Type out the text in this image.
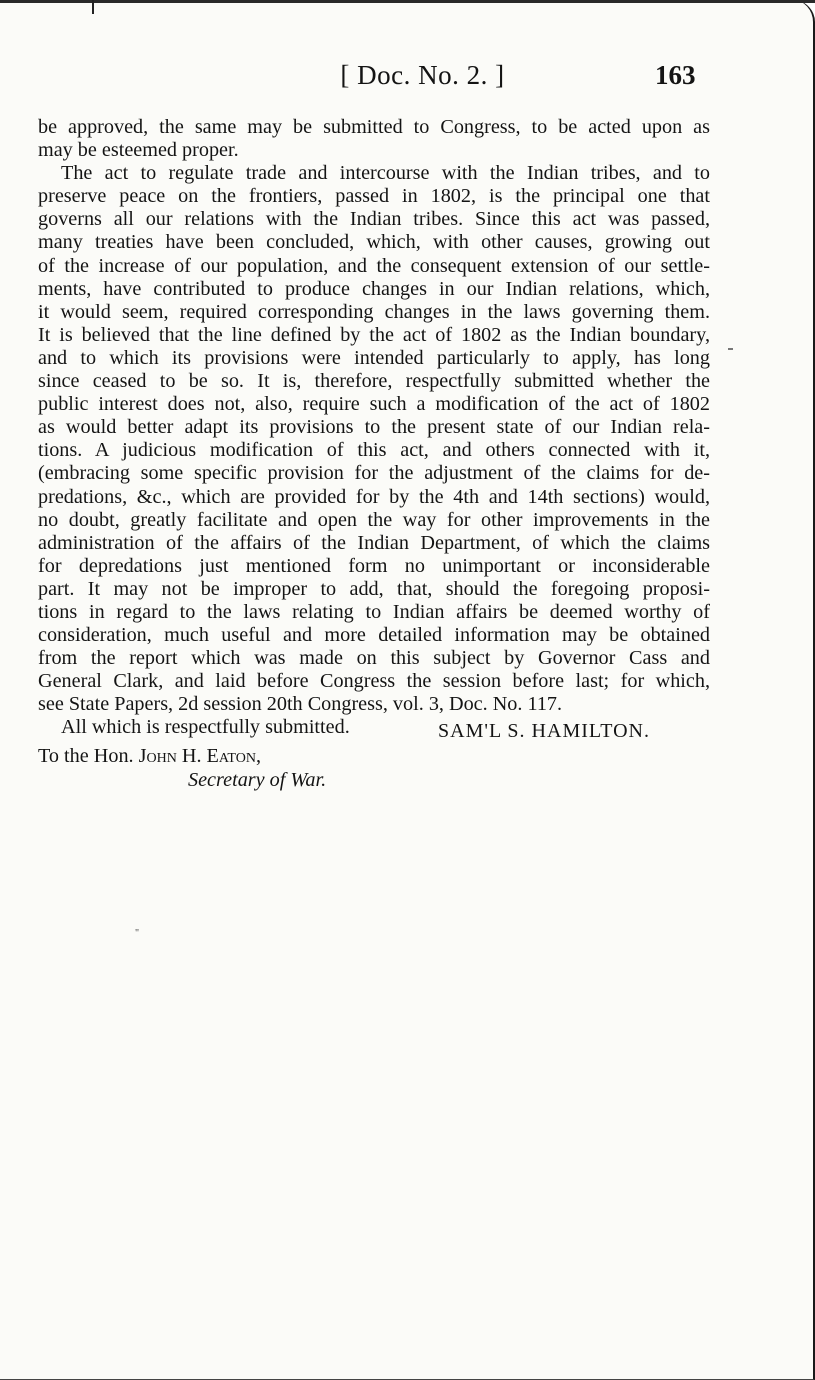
[ Doc. No. 2. ]	163
be approved, the same may be submitted to Congress, to be acted upon as
may be esteemed proper.
The act to regulate trade and intercourse with the Indian tribes, and to
preserve peace on the frontiers, passed in 1802, is the principal one that
governs all our relations with the Indian tribes. Since this act was passed,
many treaties have been concluded, which, with other causes, growing out
of the increase of our population, and the consequent extension of our settle-
ments, have contributed to produce changes in our Indian relations, which,
it would seem, required corresponding changes in the laws governing them.
It is believed that the line defined by the act of 1802 as the Indian boundary,
and to which its provisions were intended particularly to apply, has long
since ceased to be so. It is, therefore, respectfully submitted whether the
public interest does not, also, require such a modification of the act of 1802
as would better adapt its provisions to the present state of our Indian rela-
tions. A judicious modification of this act, and others connected with it,
(embracing some specific provision for the adjustment of the claims for de-
predations, &c., which are provided for by the 4th and 14th sections) would,
no doubt, greatly facilitate and open the way for other improvements in the
administration of the affairs of the Indian Department, of which the claims
for depredations just mentioned form no unimportant or inconsiderable
part. It may not be improper to add, that, should the foregoing proposi-
tions in regard to the laws relating to Indian affairs be deemed worthy of
consideration, much useful and more detailed information may be obtained
from the report which was made on this subject by Governor Cass and
General Clark, and laid before Congress the session before last; for which,
see State Papers, 2d session 20th Congress, vol. 3, Doc. No. 117.
All which is respectfully submitted.	SAM'L S. HAMILTON.
To the Hon. John H. Eaton,
Secretary of War.
"
